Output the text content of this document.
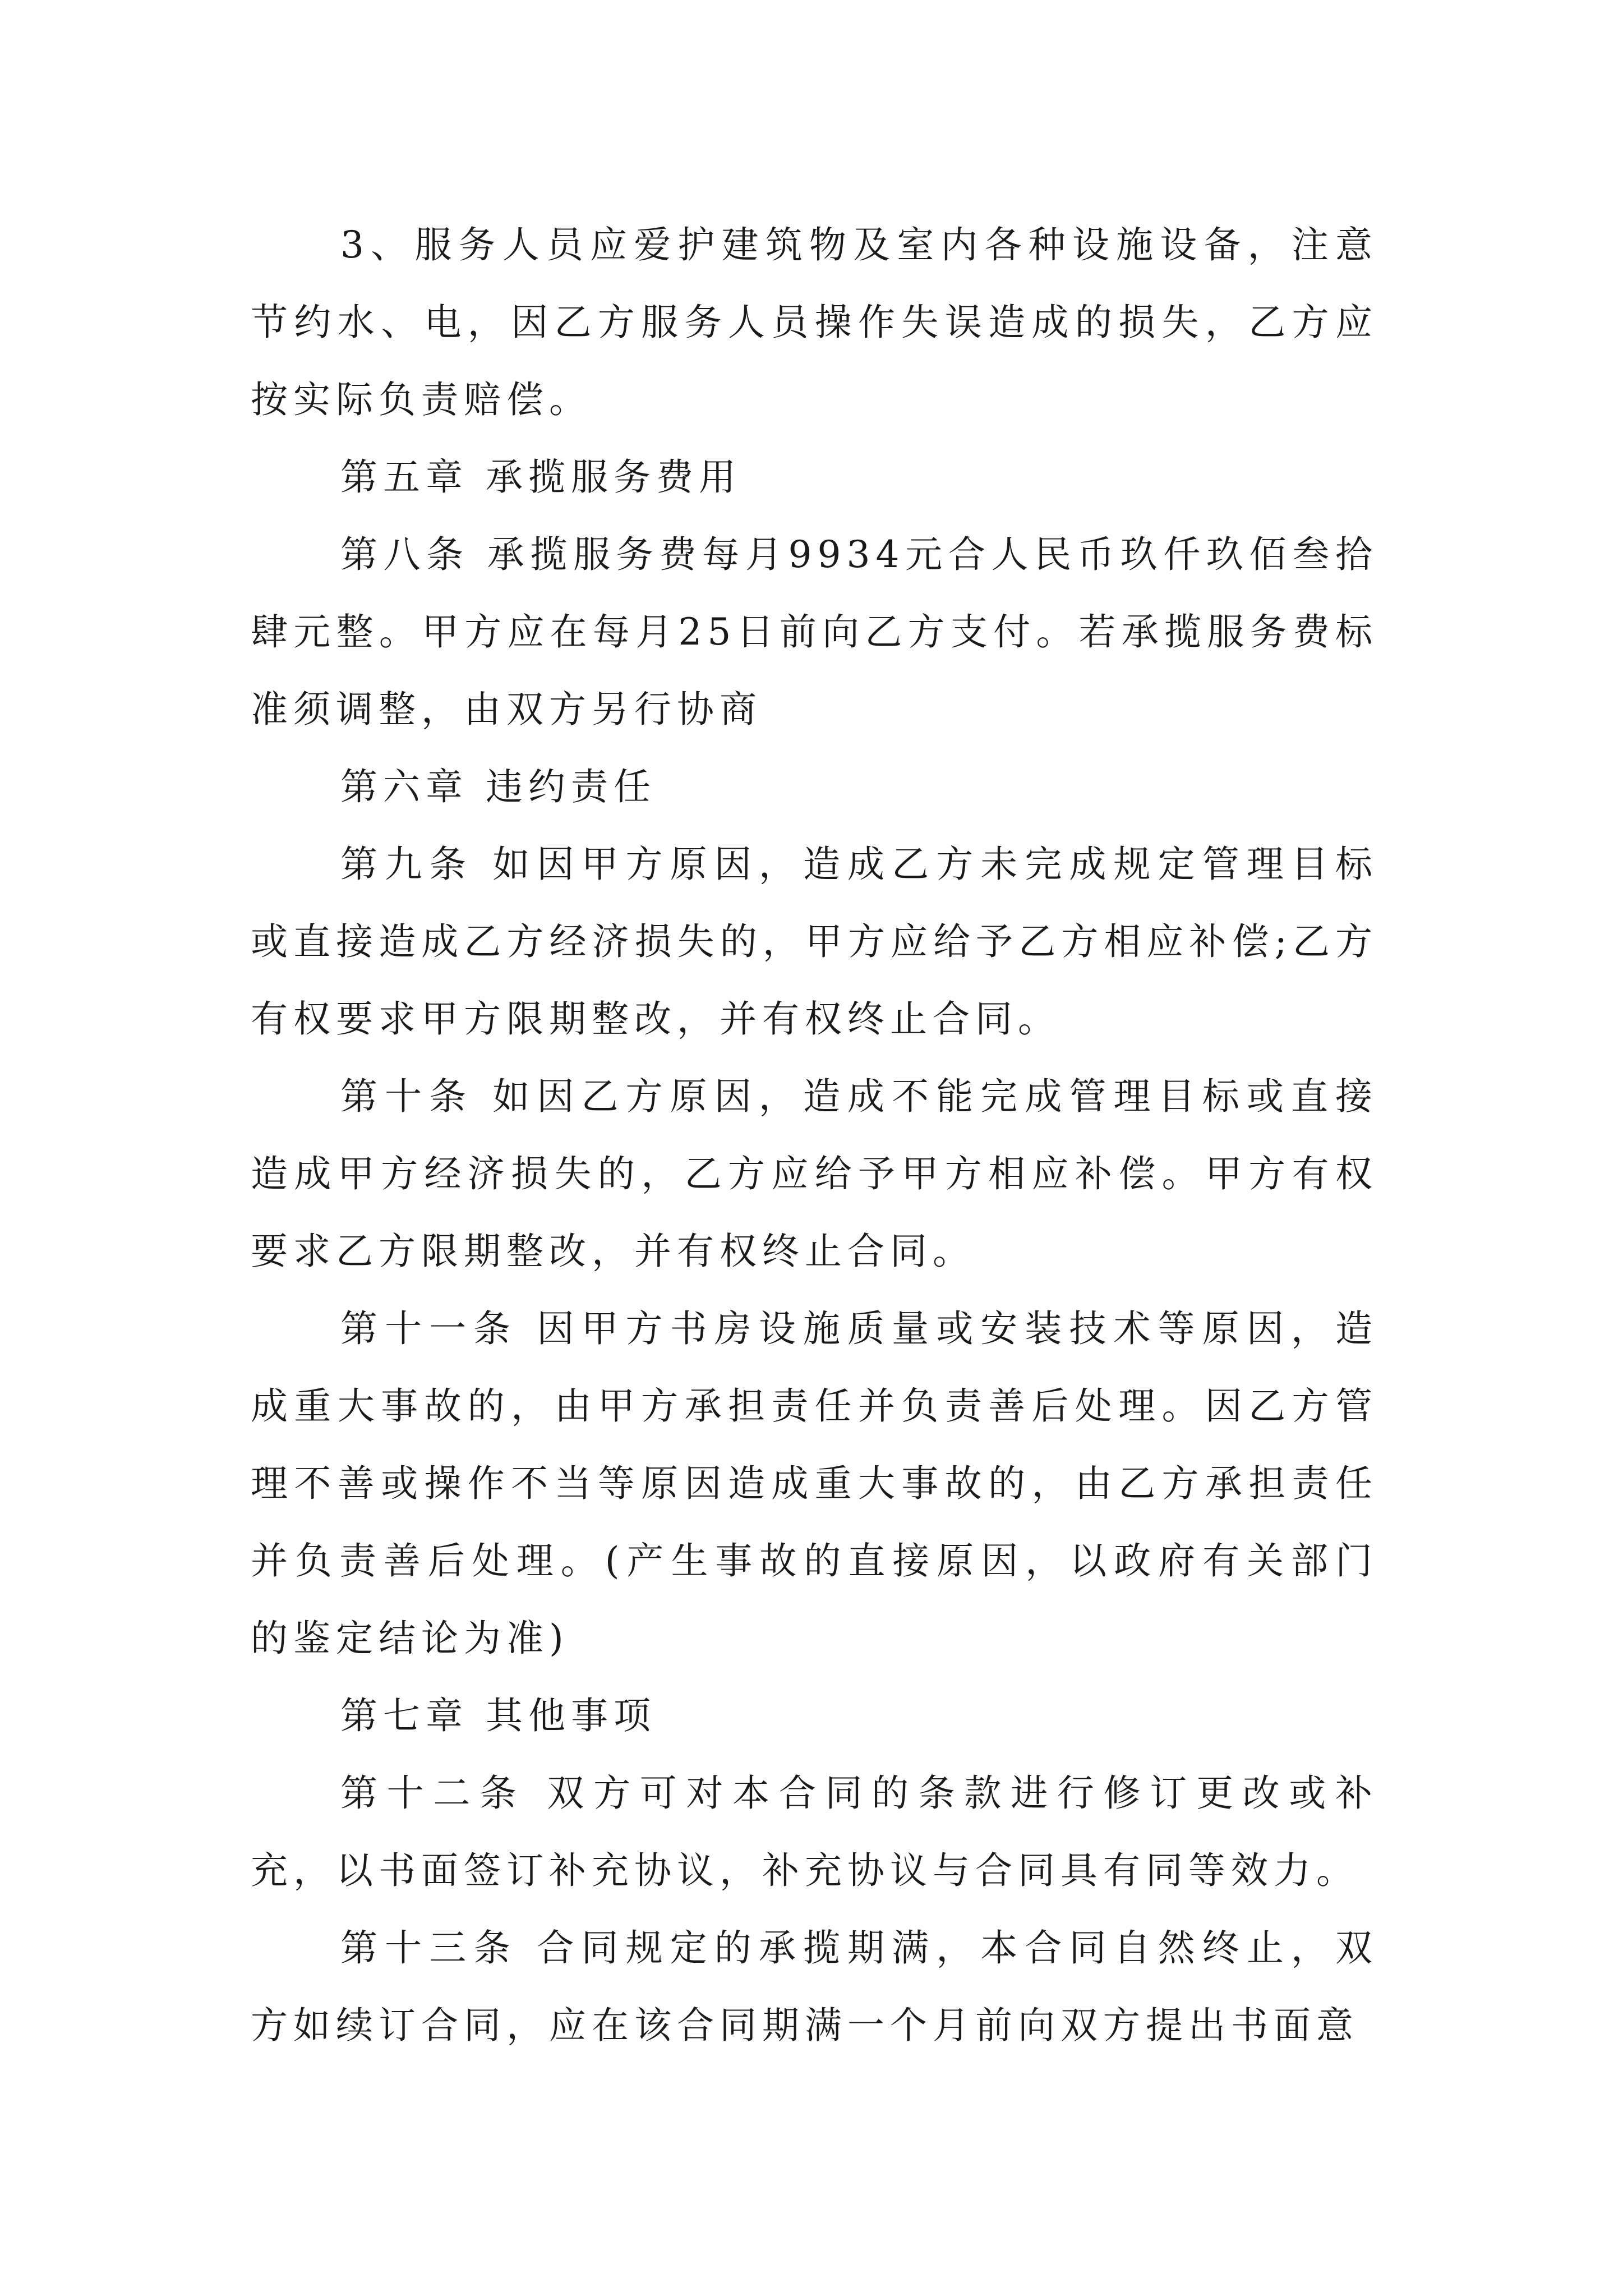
3、服务人员应爱护建筑物及室内各种设施设备，注意节约水、电，因乙方服务人员操作失误造成的损失，乙方应按实际负责赔偿。

第五章 承揽服务费用

第八条 承揽服务费每月9934元合人民币玖仟玖佰叁拾肆元整。甲方应在每月25日前向乙方支付。若承揽服务费标准须调整，由双方另行协商

第六章 违约责任

第九条 如因甲方原因，造成乙方未完成规定管理目标或直接造成乙方经济损失的，甲方应给予乙方相应补偿;乙方有权要求甲方限期整改，并有权终止合同。

第十条 如因乙方原因，造成不能完成管理目标或直接造成甲方经济损失的，乙方应给予甲方相应补偿。甲方有权要求乙方限期整改，并有权终止合同。

第十一条 因甲方书房设施质量或安装技术等原因，造成重大事故的，由甲方承担责任并负责善后处理。因乙方管理不善或操作不当等原因造成重大事故的，由乙方承担责任并负责善后处理。(产生事故的直接原因，以政府有关部门的鉴定结论为准)

第七章 其他事项

第十二条 双方可对本合同的条款进行修订更改或补充，以书面签订补充协议，补充协议与合同具有同等效力。

第十三条 合同规定的承揽期满，本合同自然终止，双方如续订合同，应在该合同期满一个月前向双方提出书面意
